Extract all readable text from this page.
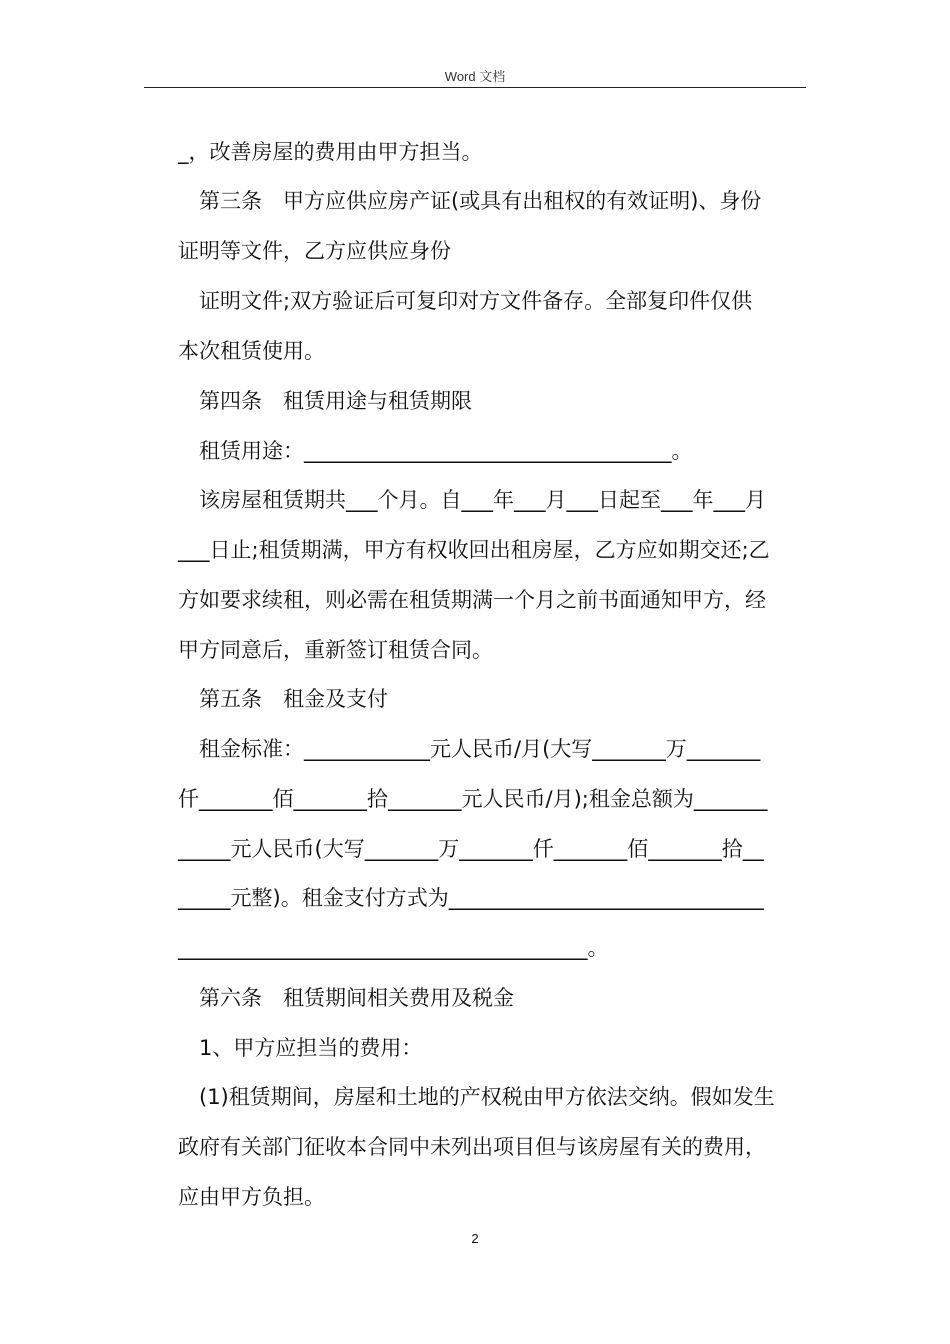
Word 文档
_，改善房屋的费用由甲方担当。
第三条　甲方应供应房产证(或具有出租权的有效证明)、身份
证明等文件，乙方应供应身份
证明文件;双方验证后可复印对方文件备存。全部复印件仅供
本次租赁使用。
第四条　租赁用途与租赁期限
租赁用途：___________________________________。
该房屋租赁期共___个月。自___年___月___日起至___年___月
___日止;租赁期满，甲方有权收回出租房屋，乙方应如期交还;乙
方如要求续租，则必需在租赁期满一个月之前书面通知甲方，经
甲方同意后，重新签订租赁合同。
第五条　租金及支付
租金标准：____________元人民币/月(大写_______万_______
仟_______佰_______拾_______元人民币/月);租金总额为_______
_____元人民币(大写_______万_______仟_______佰_______拾__
_____元整)。租金支付方式为______________________________
_______________________________________。
第六条　租赁期间相关费用及税金
1、甲方应担当的费用：
(1)租赁期间，房屋和土地的产权税由甲方依法交纳。假如发生
政府有关部门征收本合同中未列出项目但与该房屋有关的费用，
应由甲方负担。
2
